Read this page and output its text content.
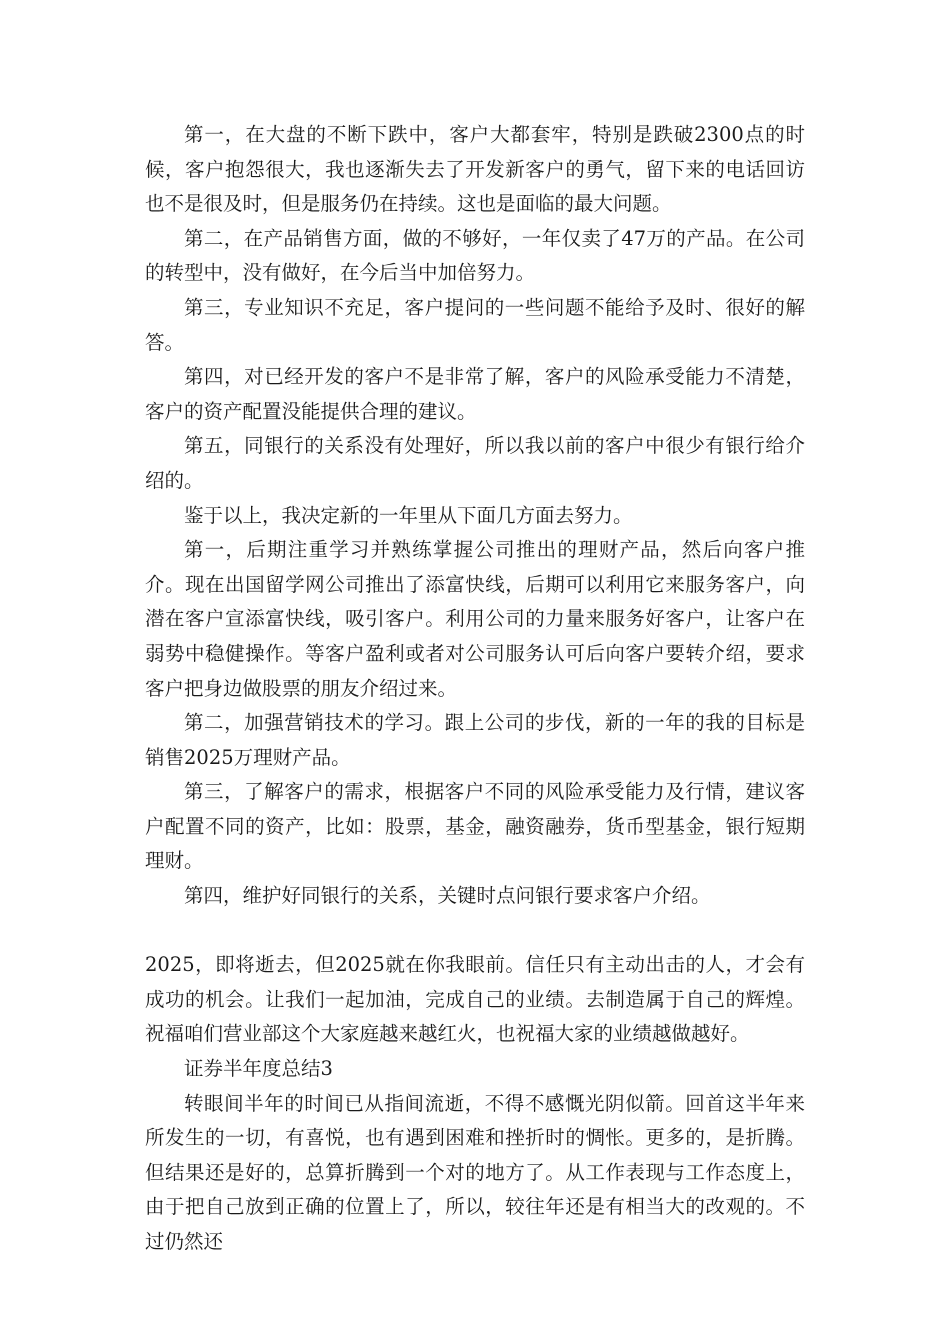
第一，在大盘的不断下跌中，客户大都套牢，特别是跌破2300点的时候，客户抱怨很大，我也逐渐失去了开发新客户的勇气，留下来的电话回访也不是很及时，但是服务仍在持续。这也是面临的最大问题。

第二，在产品销售方面，做的不够好，一年仅卖了47万的产品。在公司的转型中，没有做好，在今后当中加倍努力。

第三，专业知识不充足，客户提问的一些问题不能给予及时、很好的解答。

第四，对已经开发的客户不是非常了解，客户的风险承受能力不清楚，客户的资产配置没能提供合理的建议。

第五，同银行的关系没有处理好，所以我以前的客户中很少有银行给介绍的。

鉴于以上，我决定新的一年里从下面几方面去努力。

第一，后期注重学习并熟练掌握公司推出的理财产品，然后向客户推介。现在出国留学网公司推出了添富快线，后期可以利用它来服务客户，向潜在客户宣添富快线，吸引客户。利用公司的力量来服务好客户，让客户在弱势中稳健操作。等客户盈利或者对公司服务认可后向客户要转介绍，要求客户把身边做股票的朋友介绍过来。

第二，加强营销技术的学习。跟上公司的步伐，新的一年的我的目标是销售2025万理财产品。

第三，了解客户的需求，根据客户不同的风险承受能力及行情，建议客户配置不同的资产，比如：股票，基金，融资融券，货币型基金，银行短期理财。

第四，维护好同银行的关系，关键时点问银行要求客户介绍。

2025，即将逝去，但2025就在你我眼前。信任只有主动出击的人，才会有成功的机会。让我们一起加油，完成自己的业绩。去制造属于自己的辉煌。祝福咱们营业部这个大家庭越来越红火，也祝福大家的业绩越做越好。

证券半年度总结3

转眼间半年的时间已从指间流逝，不得不感慨光阴似箭。回首这半年来所发生的一切，有喜悦，也有遇到困难和挫折时的惆怅。更多的，是折腾。但结果还是好的，总算折腾到一个对的地方了。从工作表现与工作态度上，由于把自己放到正确的位置上了，所以，较往年还是有相当大的改观的。不过仍然还
